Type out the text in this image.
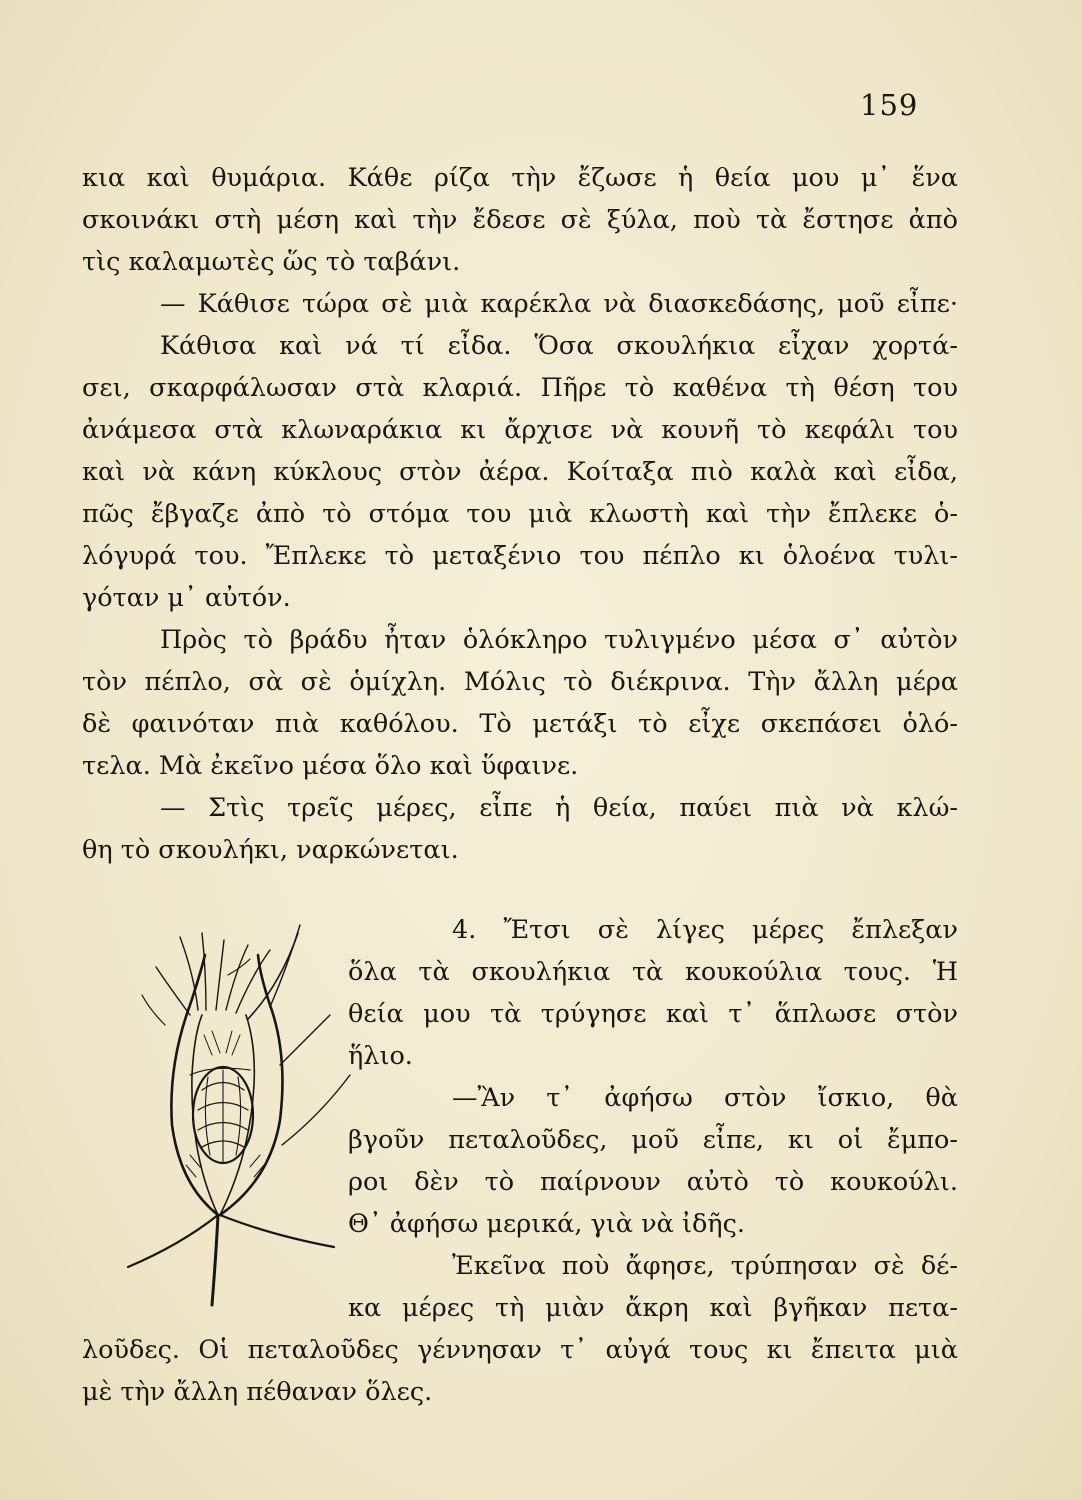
159
κια καὶ θυμάρια. Κάθε ρίζα τὴν ἔζωσε ἡ θεία μου μ᾿ ἕνα
σκοινάκι στὴ μέση καὶ τὴν ἔδεσε σὲ ξύλα, ποὺ τὰ ἔστησε ἀπὸ
τὶς καλαμωτὲς ὥς τὸ ταβάνι.
— Κάθισε τώρα σὲ μιὰ καρέκλα νὰ διασκεδάσης, μοῦ εἶπε·
Κάθισα καὶ νά τί εἶδα. Ὅσα σκουλήκια εἶχαν χορτά-
σει, σκαρφάλωσαν στὰ κλαριά. Πῆρε τὸ καθένα τὴ θέση του
ἀνάμεσα στὰ κλωναράκια κι ἄρχισε νὰ κουνῆ τὸ κεφάλι του
καὶ νὰ κάνη κύκλους στὸν ἀέρα. Κοίταξα πιὸ καλὰ καὶ εἶδα,
πῶς ἔβγαζε ἀπὸ τὸ στόμα του μιὰ κλωστὴ καὶ τὴν ἔπλεκε ὁ-
λόγυρά του. Ἔπλεκε τὸ μεταξένιο του πέπλο κι ὁλοένα τυλι-
γόταν μ᾿ αὐτόν.
Πρὸς τὸ βράδυ ἦταν ὁλόκληρο τυλιγμένο μέσα σ᾿ αὐτὸν
τὸν πέπλο, σὰ σὲ ὁμίχλη. Μόλις τὸ διέκρινα. Τὴν ἄλλη μέρα
δὲ φαινόταν πιὰ καθόλου. Τὸ μετάξι τὸ εἶχε σκεπάσει ὁλό-
τελα. Μὰ ἐκεῖνο μέσα ὅλο καὶ ὕφαινε.
— Στὶς τρεῖς μέρες, εἶπε ἡ θεία, παύει πιὰ νὰ κλώ-
θη τὸ σκουλήκι, ναρκώνεται.
4. Ἔτσι σὲ λίγες μέρες ἔπλεξαν
ὅλα τὰ σκουλήκια τὰ κουκούλια τους. Ἡ
θεία μου τὰ τρύγησε καὶ τ᾿ ἅπλωσε στὸν
ἥλιο.
—Ἂν τ᾿ ἀφήσω στὸν ἴσκιο, θὰ
βγοῦν πεταλοῦδες, μοῦ εἶπε, κι οἱ ἔμπο-
ροι δὲν τὸ παίρνουν αὐτὸ τὸ κουκούλι.
Θ᾿ ἀφήσω μερικά, γιὰ νὰ ἰδῆς.
Ἐκεῖνα ποὺ ἄφησε, τρύπησαν σὲ δέ-
κα μέρες τὴ μιὰν ἄκρη καὶ βγῆκαν πετα-
λοῦδες. Οἱ πεταλοῦδες γέννησαν τ᾿ αὐγά τους κι ἔπειτα μιὰ
μὲ τὴν ἄλλη πέθαναν ὅλες.
